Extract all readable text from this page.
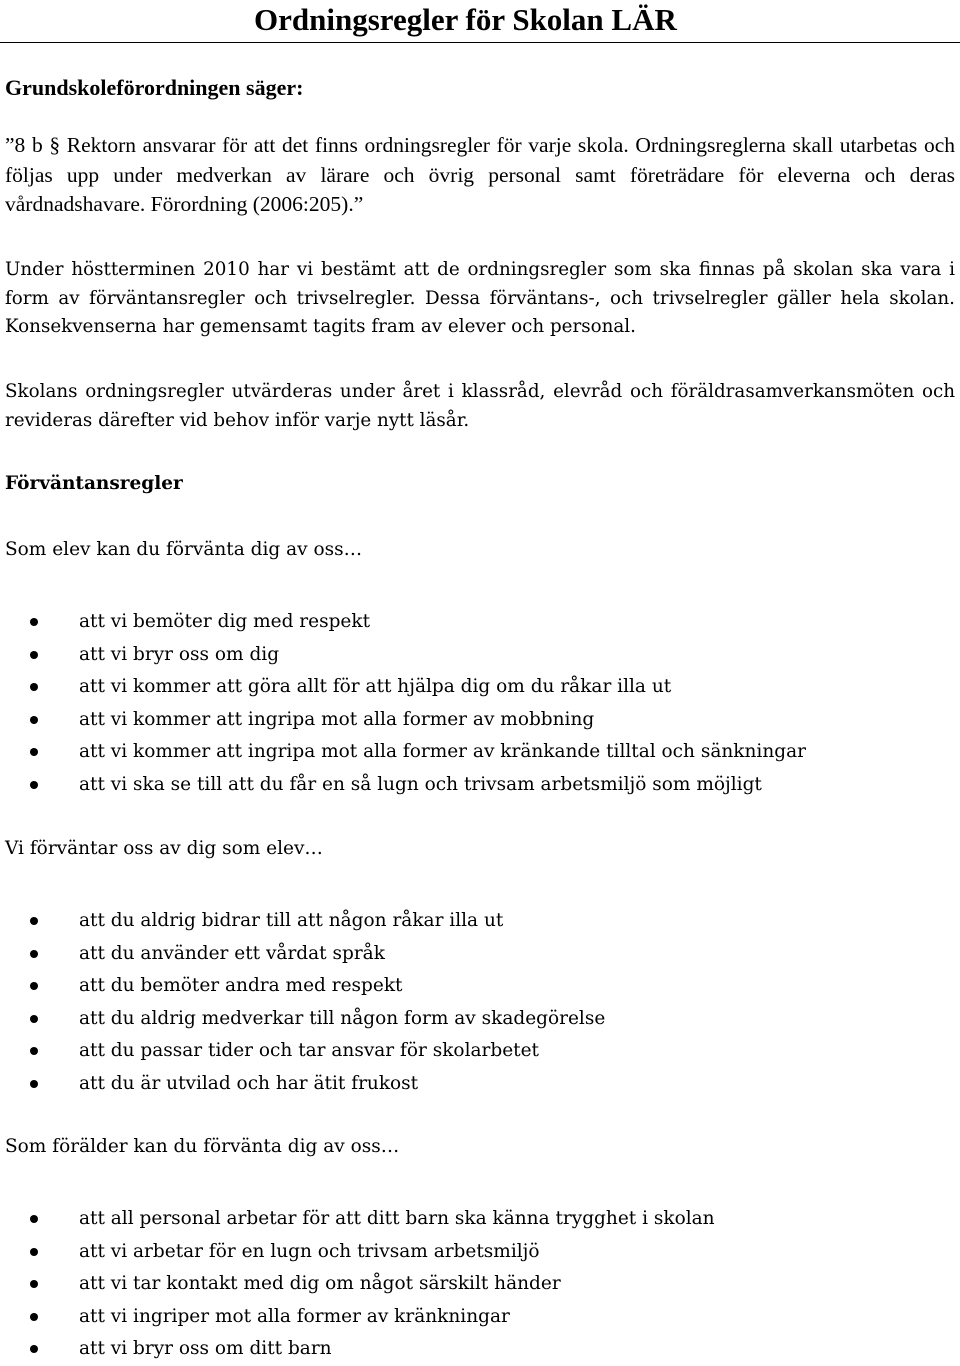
Ordningsregler för Skolan LÄR
Grundskoleförordningen säger:
”8 b § Rektorn ansvarar för att det finns ordningsregler för varje skola. Ordningsreglerna skall utarbetas och följas upp under medverkan av lärare och övrig personal samt företrädare för eleverna och deras vårdnadshavare. Förordning (2006:205).”
Under höstterminen 2010 har vi bestämt att de ordningsregler som ska finnas på skolan ska vara i form av förväntansregler och trivselregler. Dessa förväntans-, och trivselregler gäller hela skolan. Konsekvenserna har gemensamt tagits fram av elever och personal.
Skolans ordningsregler utvärderas under året i klassråd, elevråd och föräldrasamverkansmöten och revideras därefter vid behov inför varje nytt läsår.
Förväntansregler
Som elev kan du förvänta dig av oss…
att vi bemöter dig med respekt
att vi bryr oss om dig
att vi kommer att göra allt för att hjälpa dig om du råkar illa ut
att vi kommer att ingripa mot alla former av mobbning
att vi kommer att ingripa mot alla former av kränkande tilltal och sänkningar
att vi ska se till att du får en så lugn och trivsam arbetsmiljö som möjligt
Vi förväntar oss av dig som elev…
att du aldrig bidrar till att någon råkar illa ut
att du använder ett vårdat språk
att du bemöter andra med respekt
att du aldrig medverkar till någon form av skadegörelse
att du passar tider och tar ansvar för skolarbetet
att du är utvilad och har ätit frukost
Som förälder kan du förvänta dig av oss…
att all personal arbetar för att ditt barn ska känna trygghet i skolan
att vi arbetar för en lugn och trivsam arbetsmiljö
att vi tar kontakt med dig om något särskilt händer
att vi ingriper mot alla former av kränkningar
att vi bryr oss om ditt barn
